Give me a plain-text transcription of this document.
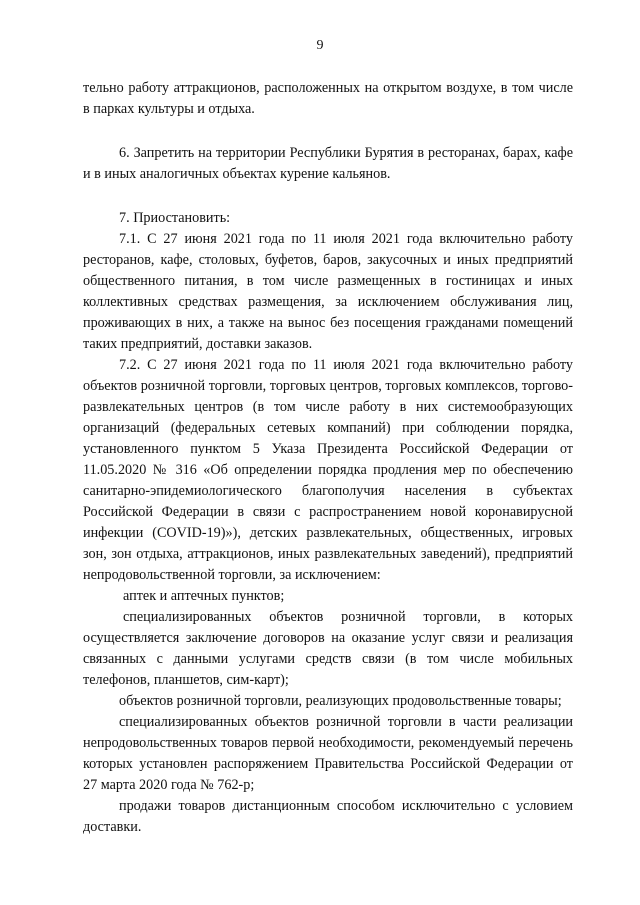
9

тельно работу аттракционов, расположенных на открытом воздухе, в том числе в парках культуры и отдыха.

6. Запретить на территории Республики Бурятия в ресторанах, барах, кафе и в иных аналогичных объектах курение кальянов.

7. Приостановить:

7.1. С 27 июня 2021 года по 11 июля 2021 года включительно работу ресторанов, кафе, столовых, буфетов, баров, закусочных и иных предприятий общественного питания, в том числе размещенных в гостиницах и иных коллективных средствах размещения, за исключением обслуживания лиц, проживающих в них, а также на вынос без посещения гражданами помещений таких предприятий, доставки заказов.

7.2. С 27 июня 2021 года по 11 июля 2021 года включительно работу объектов розничной торговли, торговых центров, торговых комплексов, торгово-развлекательных центров (в том числе работу в них системообразующих организаций (федеральных сетевых компаний) при соблюдении порядка, установленного пунктом 5 Указа Президента Российской Федерации от 11.05.2020 № 316 «Об определении порядка продления мер по обеспечению санитарно-эпидемиологического благополучия населения в субъектах Российской Федерации в связи с распространением новой коронавирусной инфекции (COVID-19)»), детских развлекательных, общественных, игровых зон, зон отдыха, аттракционов, иных развлекательных заведений), предприятий непродовольственной торговли, за исключением:

аптек и аптечных пунктов;

специализированных объектов розничной торговли, в которых осуществляется заключение договоров на оказание услуг связи и реализация связанных с данными услугами средств связи (в том числе мобильных телефонов, планшетов, сим-карт);

объектов розничной торговли, реализующих продовольственные товары;

специализированных объектов розничной торговли в части реализации непродовольственных товаров первой необходимости, рекомендуемый перечень которых установлен распоряжением Правительства Российской Федерации от 27 марта 2020 года № 762-р;

продажи товаров дистанционным способом исключительно с условием доставки.
